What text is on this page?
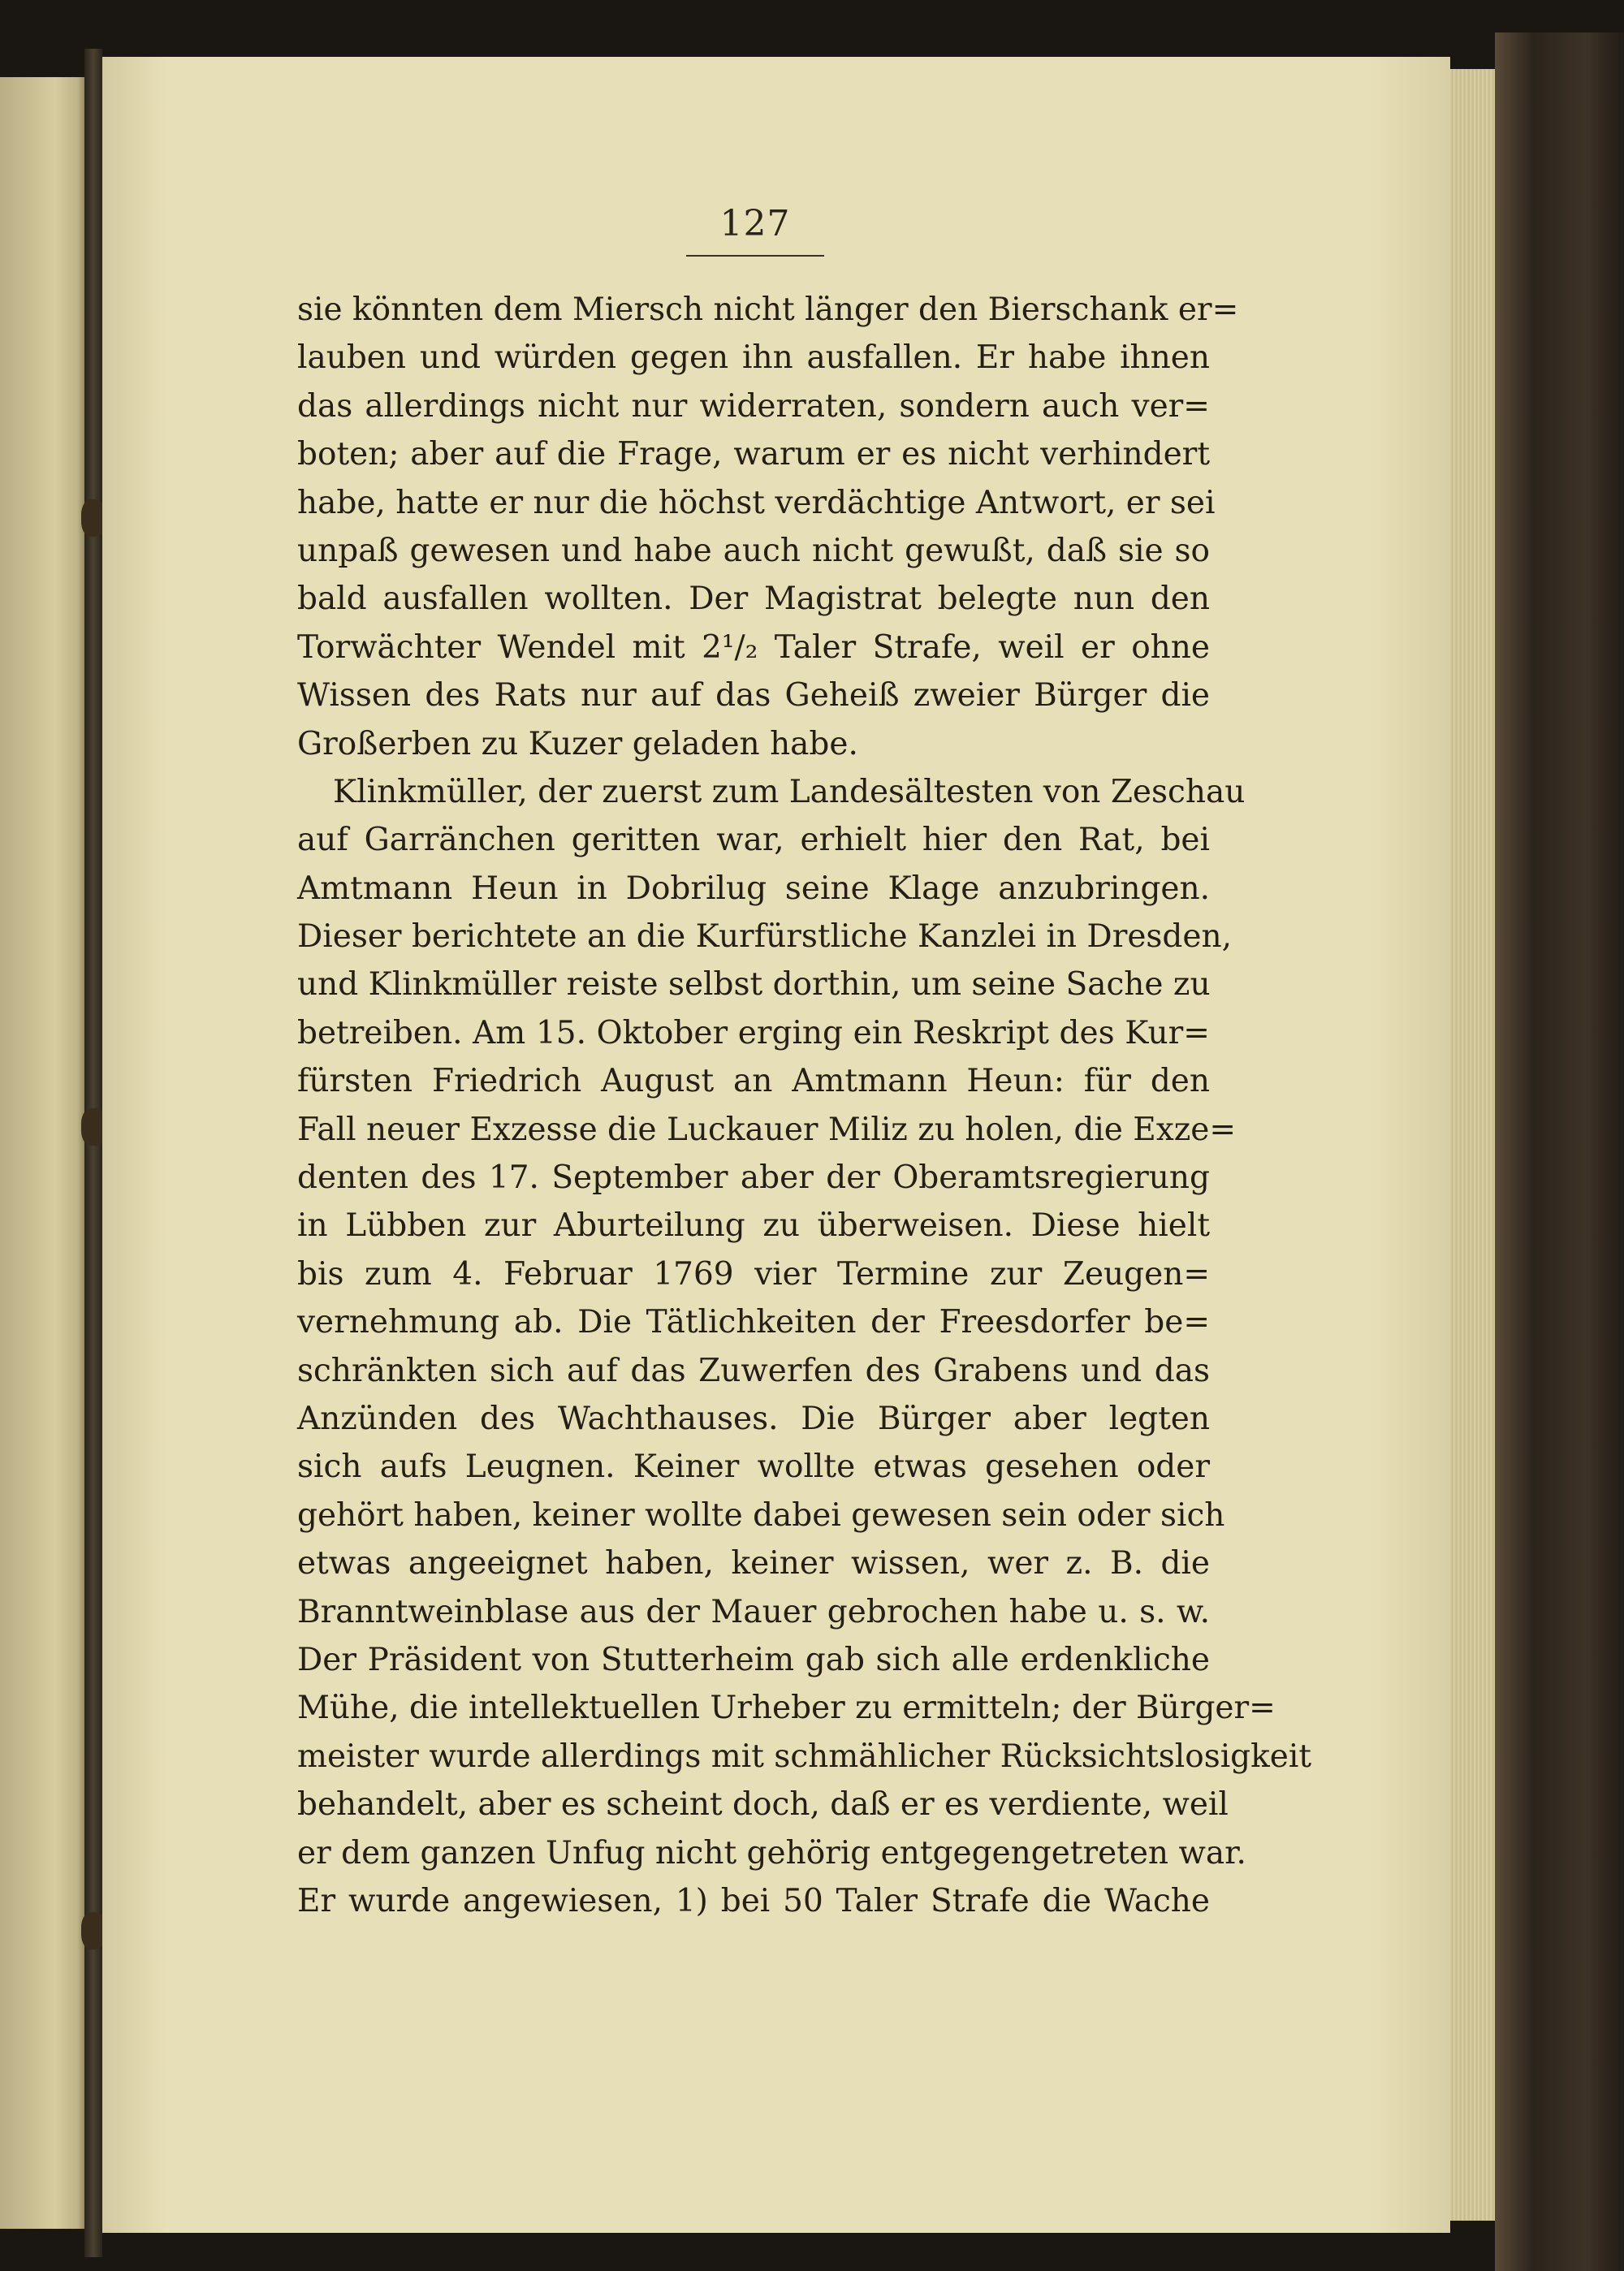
127
sie könnten dem Miersch nicht länger den Bierschank er=
lauben und würden gegen ihn ausfallen. Er habe ihnen
das allerdings nicht nur widerraten, sondern auch ver=
boten; aber auf die Frage, warum er es nicht verhindert
habe, hatte er nur die höchst verdächtige Antwort, er sei
unpaß gewesen und habe auch nicht gewußt, daß sie so
bald ausfallen wollten. Der Magistrat belegte nun den
Torwächter Wendel mit 2¹/₂ Taler Strafe, weil er ohne
Wissen des Rats nur auf das Geheiß zweier Bürger die
Großerben zu Kuzer geladen habe.
Klinkmüller, der zuerst zum Landesältesten von Zeschau
auf Garränchen geritten war, erhielt hier den Rat, bei
Amtmann Heun in Dobrilug seine Klage anzubringen.
Dieser berichtete an die Kurfürstliche Kanzlei in Dresden,
und Klinkmüller reiste selbst dorthin, um seine Sache zu
betreiben. Am 15. Oktober erging ein Reskript des Kur=
fürsten Friedrich August an Amtmann Heun: für den
Fall neuer Exzesse die Luckauer Miliz zu holen, die Exze=
denten des 17. September aber der Oberamtsregierung
in Lübben zur Aburteilung zu überweisen. Diese hielt
bis zum 4. Februar 1769 vier Termine zur Zeugen=
vernehmung ab. Die Tätlichkeiten der Freesdorfer be=
schränkten sich auf das Zuwerfen des Grabens und das
Anzünden des Wachthauses. Die Bürger aber legten
sich aufs Leugnen. Keiner wollte etwas gesehen oder
gehört haben, keiner wollte dabei gewesen sein oder sich
etwas angeeignet haben, keiner wissen, wer z. B. die
Branntweinblase aus der Mauer gebrochen habe u. s. w.
Der Präsident von Stutterheim gab sich alle erdenkliche
Mühe, die intellektuellen Urheber zu ermitteln; der Bürger=
meister wurde allerdings mit schmählicher Rücksichtslosigkeit
behandelt, aber es scheint doch, daß er es verdiente, weil
er dem ganzen Unfug nicht gehörig entgegengetreten war.
Er wurde angewiesen, 1) bei 50 Taler Strafe die Wache
